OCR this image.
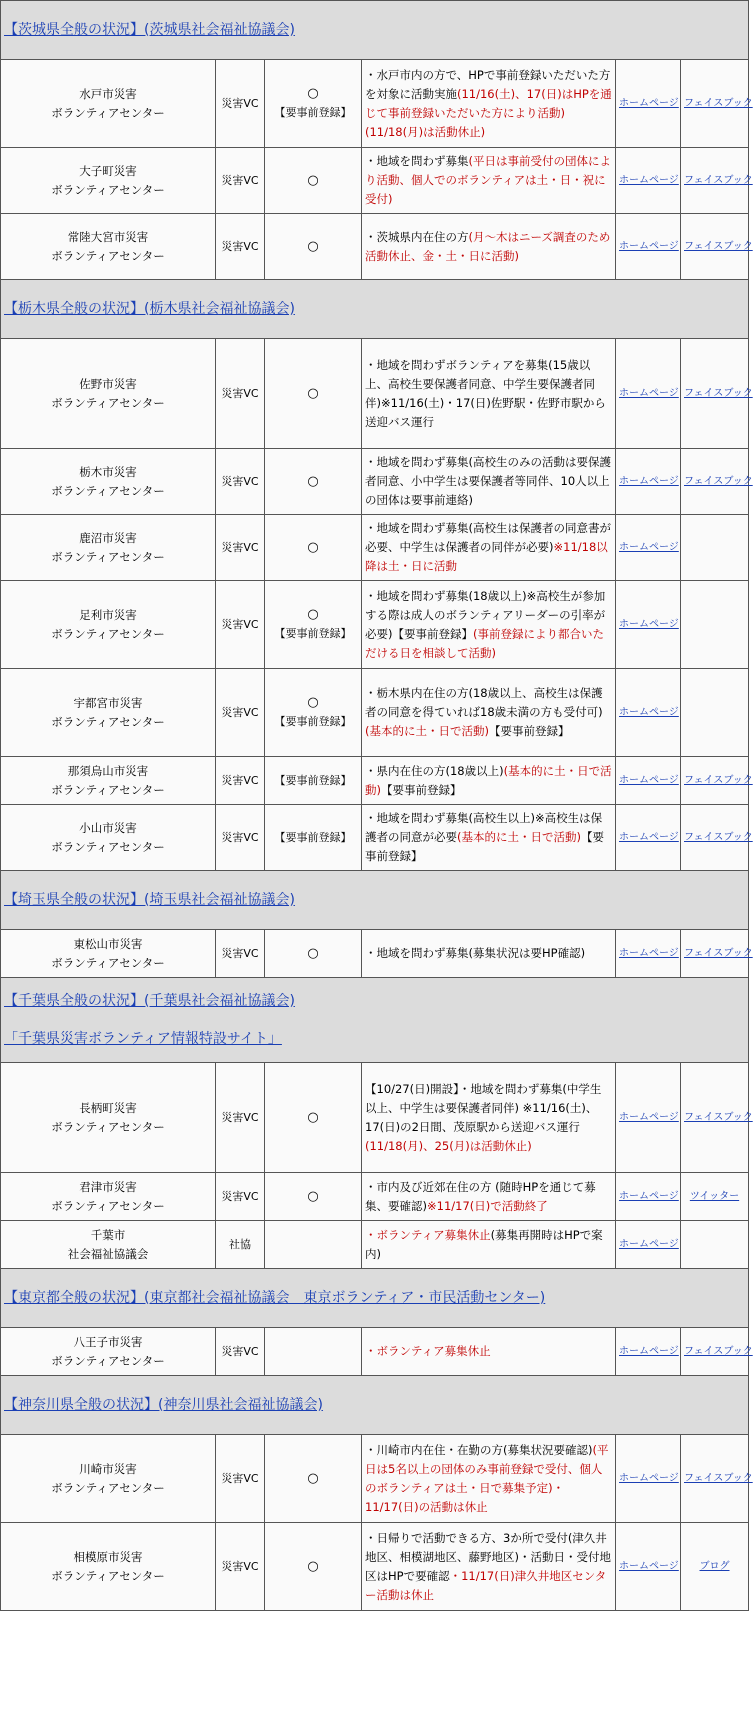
【茨城県全般の状況】(茨城県社会福祉協議会)					

水戸市災害
ボランティアセンター	災害VC	○
【要事前登録】	・水戸市内の方で、HPで事前登録いただいた方を対象に活動実施(11/16(土)、17(日)はHPを通じて事前登録いただいた方により活動)(11/18(月)は活動休止)	ホームページ	フェイスブック

大子町災害
ボランティアセンター	災害VC	○	・地域を問わず募集(平日は事前受付の団体により活動、個人でのボランティアは土・日・祝に受付)	ホームページ	フェイスブック

常陸大宮市災害
ボランティアセンター	災害VC	○	・茨城県内在住の方(月～木はニーズ調査のため活動休止、金・土・日に活動)	ホームページ	フェイスブック
【栃木県全般の状況】(栃木県社会福祉協議会)					

佐野市災害
ボランティアセンター	災害VC	○	・地域を問わずボランティアを募集(15歳以上、高校生要保護者同意、中学生要保護者同伴)※11/16(土)・17(日)佐野駅・佐野市駅から送迎バス運行	ホームページ	フェイスブック

栃木市災害
ボランティアセンター	災害VC	○	・地域を問わず募集(高校生のみの活動は要保護者同意、小中学生は要保護者等同伴、10人以上の団体は要事前連絡)	ホームページ	フェイスブック

鹿沼市災害
ボランティアセンター	災害VC	○	・地域を問わず募集(高校生は保護者の同意書が必要、中学生は保護者の同伴が必要)※11/18以降は土・日に活動	ホームページ	

足利市災害
ボランティアセンター	災害VC	○
【要事前登録】	・地域を問わず募集(18歳以上)※高校生が参加する際は成人のボランティアリーダーの引率が必要)【要事前登録】(事前登録により都合いただける日を相談して活動)	ホームページ	

宇都宮市災害
ボランティアセンター	災害VC	○
【要事前登録】	・栃木県内在住の方(18歳以上、高校生は保護者の同意を得ていれば18歳未満の方も受付可)(基本的に土・日で活動)【要事前登録】	ホームページ	

那須烏山市災害
ボランティアセンター	災害VC	【要事前登録】	・県内在住の方(18歳以上)(基本的に土・日で活動)【要事前登録】	ホームページ	フェイスブック

小山市災害
ボランティアセンター	災害VC	【要事前登録】	・地域を問わず募集(高校生以上)※高校生は保護者の同意が必要(基本的に土・日で活動)【要事前登録】	ホームページ	フェイスブック
【埼玉県全般の状況】(埼玉県社会福祉協議会)					

東松山市災害
ボランティアセンター	災害VC	○	・地域を問わず募集(募集状況は要HP確認)	ホームページ	フェイスブック
【千葉県全般の状況】(千葉県社会福祉協議会)
「千葉県災害ボランティア情報特設サイト」					

長柄町災害
ボランティアセンター	災害VC	○	【10/27(日)開設】・地域を問わず募集(中学生以上、中学生は要保護者同伴) ※11/16(土)、17(日)の2日間、茂原駅から送迎バス運行(11/18(月)、25(月)は活動休止)	ホームページ	フェイスブック

君津市災害
ボランティアセンター	災害VC	○	・市内及び近郊在住の方 (随時HPを通じて募集、要確認)※11/17(日)で活動終了	ホームページ	ツイッター

千葉市
社会福祉協議会	社協		・ボランティア募集休止(募集再開時はHPで案内)	ホームページ	
【東京都全般の状況】(東京都社会福祉協議会　東京ボランティア・市民活動センター)					

八王子市災害
ボランティアセンター	災害VC		・ボランティア募集休止	ホームページ	フェイスブック
【神奈川県全般の状況】(神奈川県社会福祉協議会)					

川崎市災害
ボランティアセンター	災害VC	○	・川崎市内在住・在勤の方(募集状況要確認)(平日は5名以上の団体のみ事前登録で受付、個人のボランティアは土・日で募集予定)・11/17(日)の活動は休止	ホームページ	フェイスブック

相模原市災害
ボランティアセンター	災害VC	○	・日帰りで活動できる方、3か所で受付(津久井地区、相模湖地区、藤野地区)・活動日・受付地区はHPで要確認・11/17(日)津久井地区センター活動は休止	ホームページ	ブログ
